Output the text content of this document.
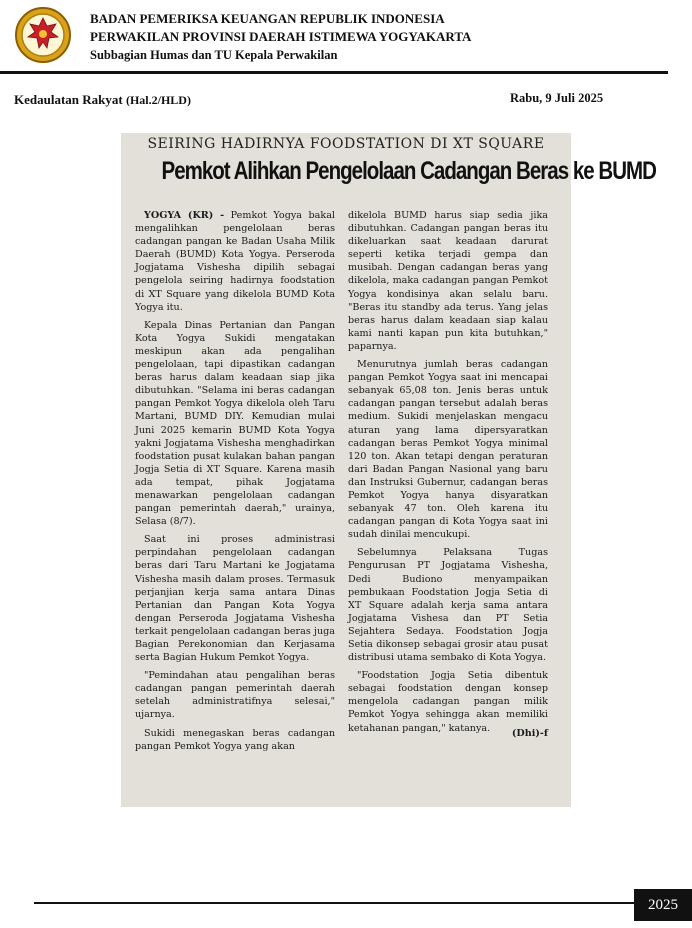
BADAN PEMERIKSA KEUANGAN REPUBLIK INDONESIA
PERWAKILAN PROVINSI DAERAH ISTIMEWA YOGYAKARTA
Subbagian Humas dan TU Kepala Perwakilan
Kedaulatan Rakyat (Hal.2/HLD)	Rabu, 9 Juli 2025
SEIRING HADIRNYA FOODSTATION DI XT SQUARE
Pemkot Alihkan Pengelolaan Cadangan Beras ke BUMD

YOGYA (KR) - Pemkot Yogya bakal mengalihkan pengelolaan beras cadangan pangan ke Badan Usaha Milik Daerah (BUMD) Kota Yogya. Perseroda Jogjatama Vishesha dipilih sebagai pengelola seiring hadirnya foodstation di XT Square yang dikelola BUMD Kota Yogya itu.

Kepala Dinas Pertanian dan Pangan Kota Yogya Sukidi mengatakan meskipun akan ada pengalihan pengelolaan, tapi dipastikan cadangan beras harus dalam keadaan siap jika dibutuhkan. "Selama ini beras cadangan pangan Pemkot Yogya dikelola oleh Taru Martani, BUMD DIY. Kemudian mulai Juni 2025 kemarin BUMD Kota Yogya yakni Jogjatama Vishesha menghadirkan foodstation pusat kulakan bahan pangan Jogja Setia di XT Square. Karena masih ada tempat, pihak Jogjatama menawarkan pengelolaan cadangan pangan pemerintah daerah," urainya, Selasa (8/7).

Saat ini proses administrasi perpindahan pengelolaan cadangan beras dari Taru Martani ke Jogjatama Vishesha masih dalam proses. Termasuk perjanjian kerja sama antara Dinas Pertanian dan Pangan Kota Yogya dengan Perseroda Jogjatama Vishesha terkait pengelolaan cadangan beras juga Bagian Perekonomian dan Kerjasama serta Bagian Hukum Pemkot Yogya.

"Pemindahan atau pengalihan beras cadangan pangan pemerintah daerah setelah administratifnya selesai," ujarnya.

Sukidi menegaskan beras cadangan pangan Pemkot Yogya yang akan

dikelola BUMD harus siap sedia jika dibutuhkan. Cadangan pangan beras itu dikeluarkan saat keadaan darurat seperti ketika terjadi gempa dan musibah. Dengan cadangan beras yang dikelola, maka cadangan pangan Pemkot Yogya kondisinya akan selalu baru. "Beras itu standby ada terus. Yang jelas beras harus dalam keadaan siap kalau kami nanti kapan pun kita butuhkan," paparnya.

Menurutnya jumlah beras cadangan pangan Pemkot Yogya saat ini mencapai sebanyak 65,08 ton. Jenis beras untuk cadangan pangan tersebut adalah beras medium. Sukidi menjelaskan mengacu aturan yang lama dipersyaratkan cadangan beras Pemkot Yogya minimal 120 ton. Akan tetapi dengan peraturan dari Badan Pangan Nasional yang baru dan Instruksi Gubernur, cadangan beras Pemkot Yogya hanya disyaratkan sebanyak 47 ton. Oleh karena itu cadangan pangan di Kota Yogya saat ini sudah dinilai mencukupi.

Sebelumnya Pelaksana Tugas Pengurusan PT Jogjatama Vishesha, Dedi Budiono menyampaikan pembukaan Foodstation Jogja Setia di XT Square adalah kerja sama antara Jogjatama Vishesa dan PT Setia Sejahtera Sedaya. Foodstation Jogja Setia dikonsep sebagai grosir atau pusat distribusi utama sembako di Kota Yogya.

"Foodstation Jogja Setia dibentuk sebagai foodstation dengan konsep mengelola cadangan pangan milik Pemkot Yogya sehingga akan memiliki ketahanan pangan," katanya.	(Dhi)-f
2025
